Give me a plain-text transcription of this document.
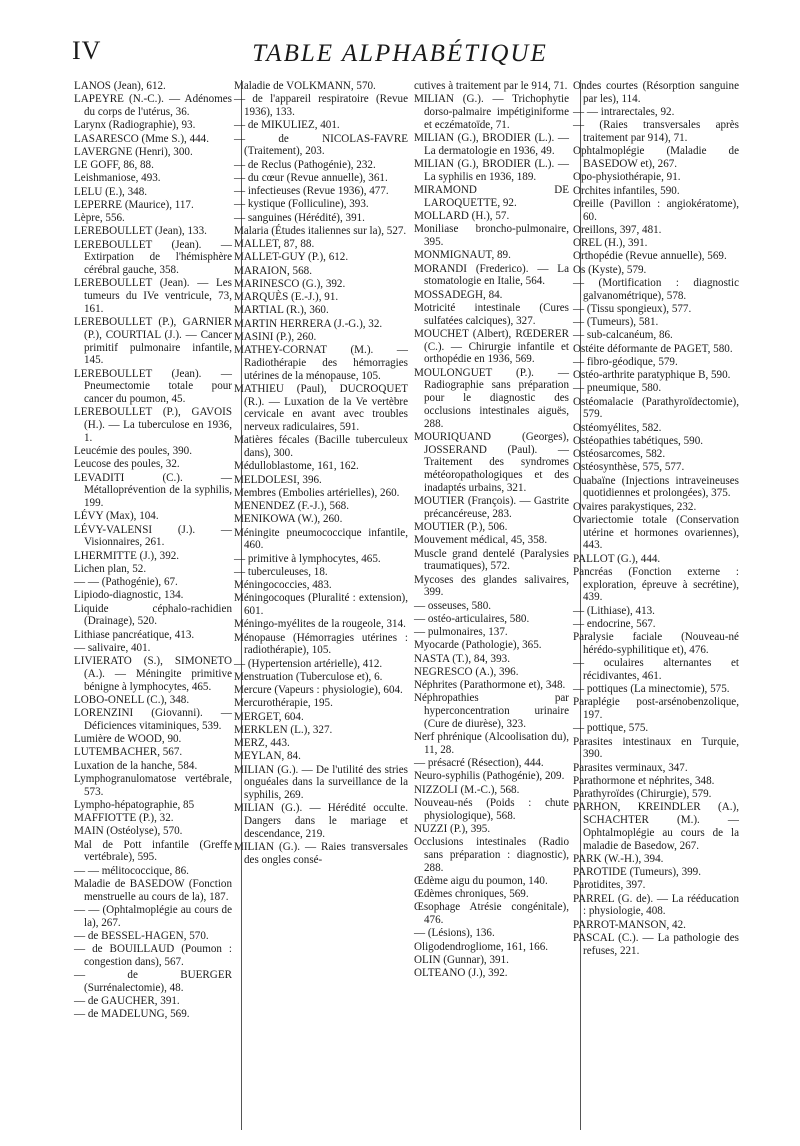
IV	TABLE ALPHABÉTIQUE
LANOS (Jean), 612.
LAPEYRE (N.-C.). — Adénomes du corps de l'utérus, 36.
Larynx (Radiographie), 93.
LASARESCO (Mme S.), 444.
LAVERGNE (Henri), 300.
LE GOFF, 86, 88.
Leishmaniose, 493.
LELU (E.), 348.
LEPERRE (Maurice), 117.
Lèpre, 556.
LEREBOULLET (Jean), 133.
LEREBOULLET (Jean). — Extirpation de l'hémisphère cérébral gauche, 358.
LEREBOULLET (Jean). — Les tumeurs du IVe ventricule, 73, 161.
LEREBOULLET (P.), GARNIER (P.), COURTIAL (J.). — Cancer primitif pulmonaire infantile, 145.
LEREBOULLET (Jean). — Pneumectomie totale pour cancer du poumon, 45.
LEREBOULLET (P.), GAVOIS (H.). — La tuberculose en 1936, 1.
Leucémie des poules, 390.
Leucose des poules, 32.
LEVADITI (C.). — Métalloprévention de la syphilis, 199.
LÉVY (Max), 104.
LÉVY-VALENSI (J.). — Visionnaires, 261.
LHERMITTE (J.), 392.
Lichen plan, 52.
— — (Pathogénie), 67.
Lipiodo-diagnostic, 134.
Liquide céphalo-rachidien (Drainage), 520.
Lithiase pancréatique, 413.
— salivaire, 401.
LIVIERATO (S.), SIMONETO (A.). — Méningite primitive bénigne à lymphocytes, 465.
LOBO-ONELL (C.), 348.
LORENZINI (Giovanni). — Déficiences vitaminiques, 539.
Lumière de WOOD, 90.
LUTEMBACHER, 567.
Luxation de la hanche, 584.
Lymphogranulomatose vertébrale, 573.
Lympho-hépatographie, 85
MAFFIOTTE (P.), 32.
MAIN (Ostéolyse), 570.
Mal de Pott infantile (Greffe vertébrale), 595.
— — mélitococcique, 86.
Maladie de BASEDOW (Fonction menstruelle au cours de la), 187.
— — (Ophtalmoplégie au cours de la), 267.
— de BESSEL-HAGEN, 570.
— de BOUILLAUD (Poumon : congestion dans), 567.
— de BUERGER (Surrénalectomie), 48.
— de GAUCHER, 391.
— de MADELUNG, 569.
Maladie de VOLKMANN, 570.
— de l'appareil respiratoire (Revue 1936), 133.
— de MIKULIEZ, 401.
— de NICOLAS-FAVRE (Traitement), 203.
— de Reclus (Pathogénie), 232.
— du cœur (Revue annuelle), 361.
— infectieuses (Revue 1936), 477.
— kystique (Folliculine), 393.
— sanguines (Hérédité), 391.
Malaria (Études italiennes sur la), 527.
MALLET, 87, 88.
MALLET-GUY (P.), 612.
MARAION, 568.
MARINESCO (G.), 392.
MARQUÈS (E.-J.), 91.
MARTIAL (R.), 360.
MARTIN HERRERA (J.-G.), 32.
MASINI (P.), 260.
MATHEY-CORNAT (M.). — Radiothérapie des hémorragies utérines de la ménopause, 105.
MATHIEU (Paul), DUCROQUET (R.). — Luxation de la Ve vertèbre cervicale en avant avec troubles nerveux radiculaires, 591.
Matières fécales (Bacille tuberculeux dans), 300.
Médulloblastome, 161, 162.
MELDOLESI, 396.
Membres (Embolies artérielles), 260.
MENENDEZ (F.-J.), 568.
MENIKOWA (W.), 260.
Méningite pneumococcique infantile, 460.
— primitive à lymphocytes, 465.
— tuberculeuses, 18.
Méningococcies, 483.
Méningocoques (Pluralité : extension), 601.
Méningo-myélites de la rougeole, 314.
Ménopause (Hémorragies utérines : radiothérapie), 105.
— (Hypertension artérielle), 412.
Menstruation (Tuberculose et), 6.
Mercure (Vapeurs : physiologie), 604.
Mercurothérapie, 195.
MERGET, 604.
MERKLEN (L.), 327.
MERZ, 443.
MEYLAN, 84.
MILIAN (G.). — De l'utilité des stries onguéales dans la surveillance de la syphilis, 269.
MILIAN (G.). — Hérédité occulte. Dangers dans le mariage et descendance, 219.
MILIAN (G.). — Raies transversales des ongles consé-
cutives à traitement par le 914, 71.
MILIAN (G.). — Trichophytie dorso-palmaire impétiginiforme et eczématoïde, 71.
MILIAN (G.), BRODIER (L.). — La dermatologie en 1936, 49.
MILIAN (G.), BRODIER (L.). — La syphilis en 1936, 189.
MIRAMOND DE LAROQUETTE, 92.
MOLLARD (H.), 57.
Moniliase broncho-pulmonaire, 395.
MONMIGNAUT, 89.
MORANDI (Frederico). — La stomatologie en Italie, 564.
MOSSADEGH, 84.
Motricité intestinale (Cures sulfatées calciques), 327.
MOUCHET (Albert), RŒDERER (C.). — Chirurgie infantile et orthopédie en 1936, 569.
MOULONGUET (P.). — Radiographie sans préparation pour le diagnostic des occlusions intestinales aiguës, 288.
MOURIQUAND (Georges), JOSSERAND (Paul). — Traitement des syndromes météoropathologiques et des inadaptés urbains, 321.
MOUTIER (François). — Gastrite précancéreuse, 283.
MOUTIER (P.), 506.
Mouvement médical, 45, 358.
Muscle grand dentelé (Paralysies traumatiques), 572.
Mycoses des glandes salivaires, 399.
— osseuses, 580.
— ostéo-articulaires, 580.
— pulmonaires, 137.
Myocarde (Pathologie), 365.
NASTA (T.), 84, 393.
NEGRESCO (A.), 396.
Néphrites (Parathormone et), 348.
Néphropathies par hyperconcentration urinaire (Cure de diurèse), 323.
Nerf phrénique (Alcoolisation du), 11, 28.
— présacré (Résection), 444.
Neuro-syphilis (Pathogénie), 209.
NIZZOLI (M.-C.), 568.
Nouveau-nés (Poids : chute physiologique), 568.
NUZZI (P.), 395.
Occlusions intestinales (Radio sans préparation : diagnostic), 288.
Œdème aigu du poumon, 140.
Œdèmes chroniques, 569.
Œsophage Atrésie congénitale), 476.
— (Lésions), 136.
Oligodendrogliome, 161, 166.
OLIN (Gunnar), 391.
OLTEANO (J.), 392.
Ondes courtes (Résorption sanguine par les), 114.
— — intrarectales, 92.
— (Raies transversales après traitement par 914), 71.
Ophtalmoplégie (Maladie de BASEDOW et), 267.
Opo-physiothérapie, 91.
Orchites infantiles, 590.
Oreille (Pavillon : angiokératome), 60.
Oreillons, 397, 481.
OREL (H.), 391.
Orthopédie (Revue annuelle), 569.
Os (Kyste), 579.
— (Mortification : diagnostic galvanométrique), 578.
— (Tissu spongieux), 577.
— (Tumeurs), 581.
— sub-calcanéum, 86.
Ostéite déformante de PAGET, 580.
— fibro-géodique, 579.
Ostéo-arthrite paratyphique B, 590.
— pneumique, 580.
Ostéomalacie (Parathyroïdectomie), 579.
Ostéomyélites, 582.
Ostéopathies tabétiques, 590.
Ostéosarcomes, 582.
Ostéosynthèse, 575, 577.
Ouabaïne (Injections intraveineuses quotidiennes et prolongées), 375.
Ovaires parakystiques, 232.
Ovariectomie totale (Conservation utérine et hormones ovariennes), 443.
PALLOT (G.), 444.
Pancréas (Fonction externe : exploration, épreuve à secrétine), 439.
— (Lithiase), 413.
— endocrine, 567.
Paralysie faciale (Nouveau-né hérédo-syphilitique et), 476.
— oculaires alternantes et récidivantes, 461.
— pottiques (La minectomie), 575.
Paraplégie post-arsénobenzolique, 197.
— pottique, 575.
Parasites intestinaux en Turquie, 390.
Parasites verminaux, 347.
Parathormone et néphrites, 348.
Parathyroïdes (Chirurgie), 579.
PARHON, KREINDLER (A.), SCHACHTER (M.). — Ophtalmoplégie au cours de la maladie de Basedow, 267.
PARK (W.-H.), 394.
PAROTIDE (Tumeurs), 399.
Parotidites, 397.
PARREL (G. de). — La rééducation : physiologie, 408.
PARROT-MANSON, 42.
PASCAL (C.). — La pathologie des refuses, 221.
